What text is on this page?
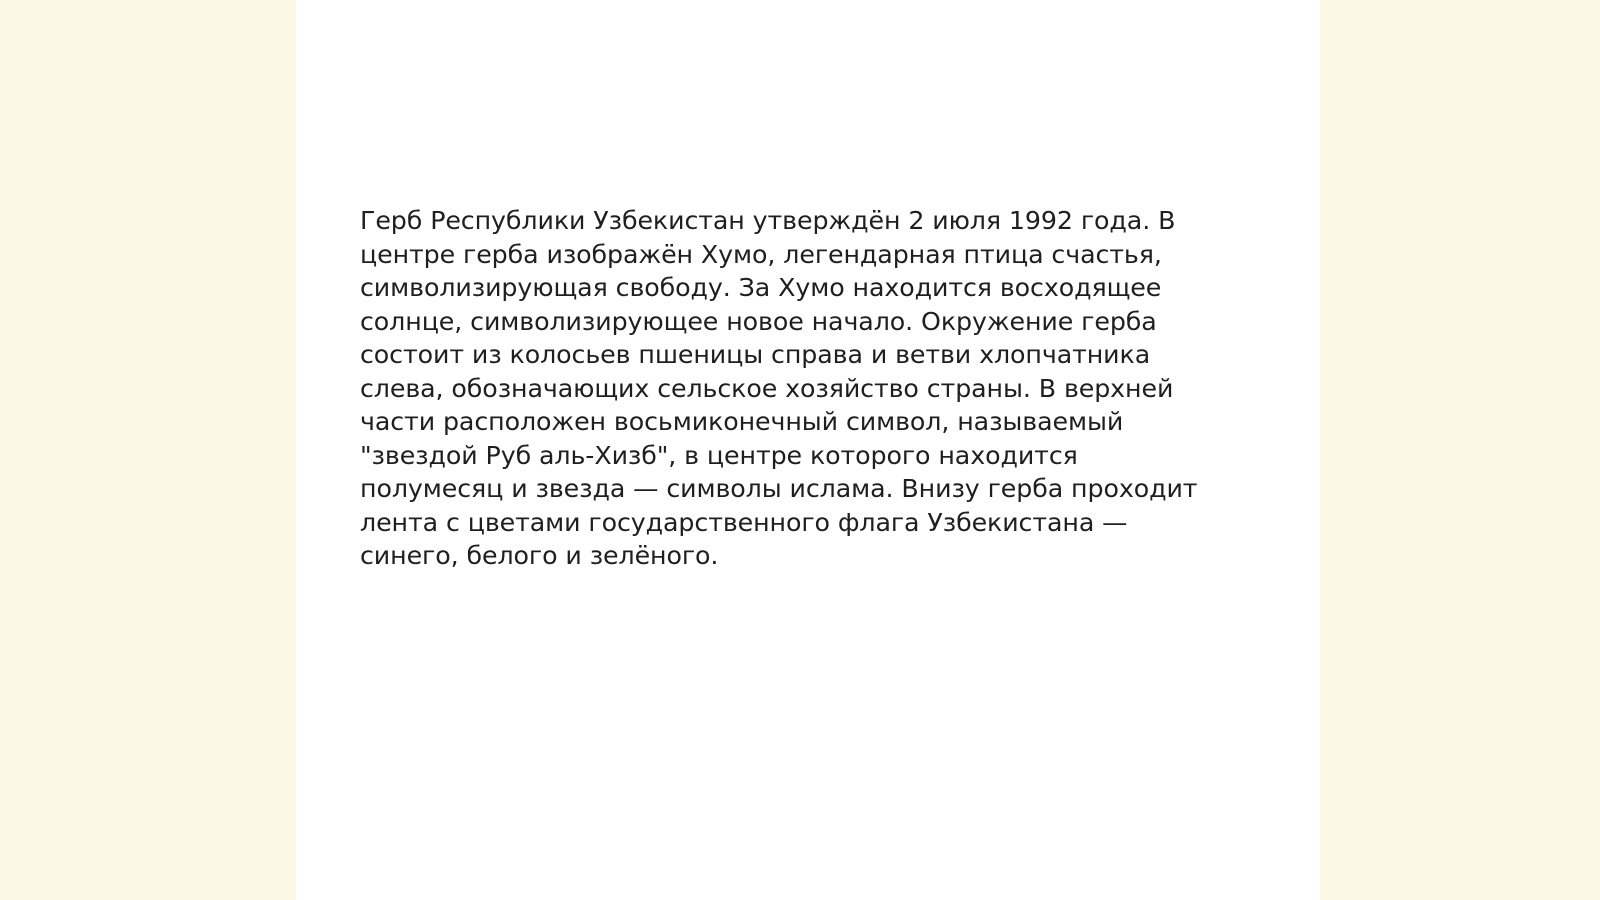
Герб Республики Узбекистан утверждён 2 июля 1992 года. В
центре герба изображён Хумо, легендарная птица счастья,
символизирующая свободу. За Хумо находится восходящее
солнце, символизирующее новое начало. Окружение герба
состоит из колосьев пшеницы справа и ветви хлопчатника
слева, обозначающих сельское хозяйство страны. В верхней
части расположен восьмиконечный символ, называемый
"звездой Руб аль-Хизб", в центре которого находится
полумесяц и звезда — символы ислама. Внизу герба проходит
лента с цветами государственного флага Узбекистана —
синего, белого и зелёного.
